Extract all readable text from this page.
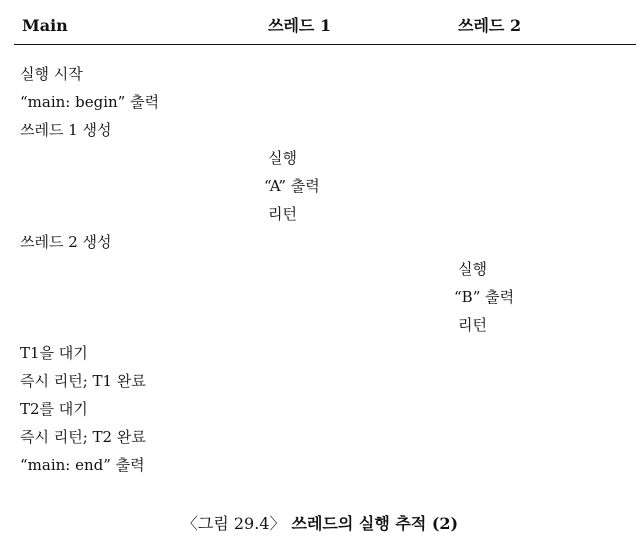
Main	쓰레드 1	쓰레드 2
실행 시작
“main: begin” 출력
쓰레드 1 생성
실행
“A” 출력
리턴
쓰레드 2 생성
실행
“B” 출력
리턴
T1을 대기
즉시 리턴; T1 완료
T2를 대기
즉시 리턴; T2 완료
“main: end” 출력
〈그림 29.4〉 쓰레드의 실행 추적 (2)
